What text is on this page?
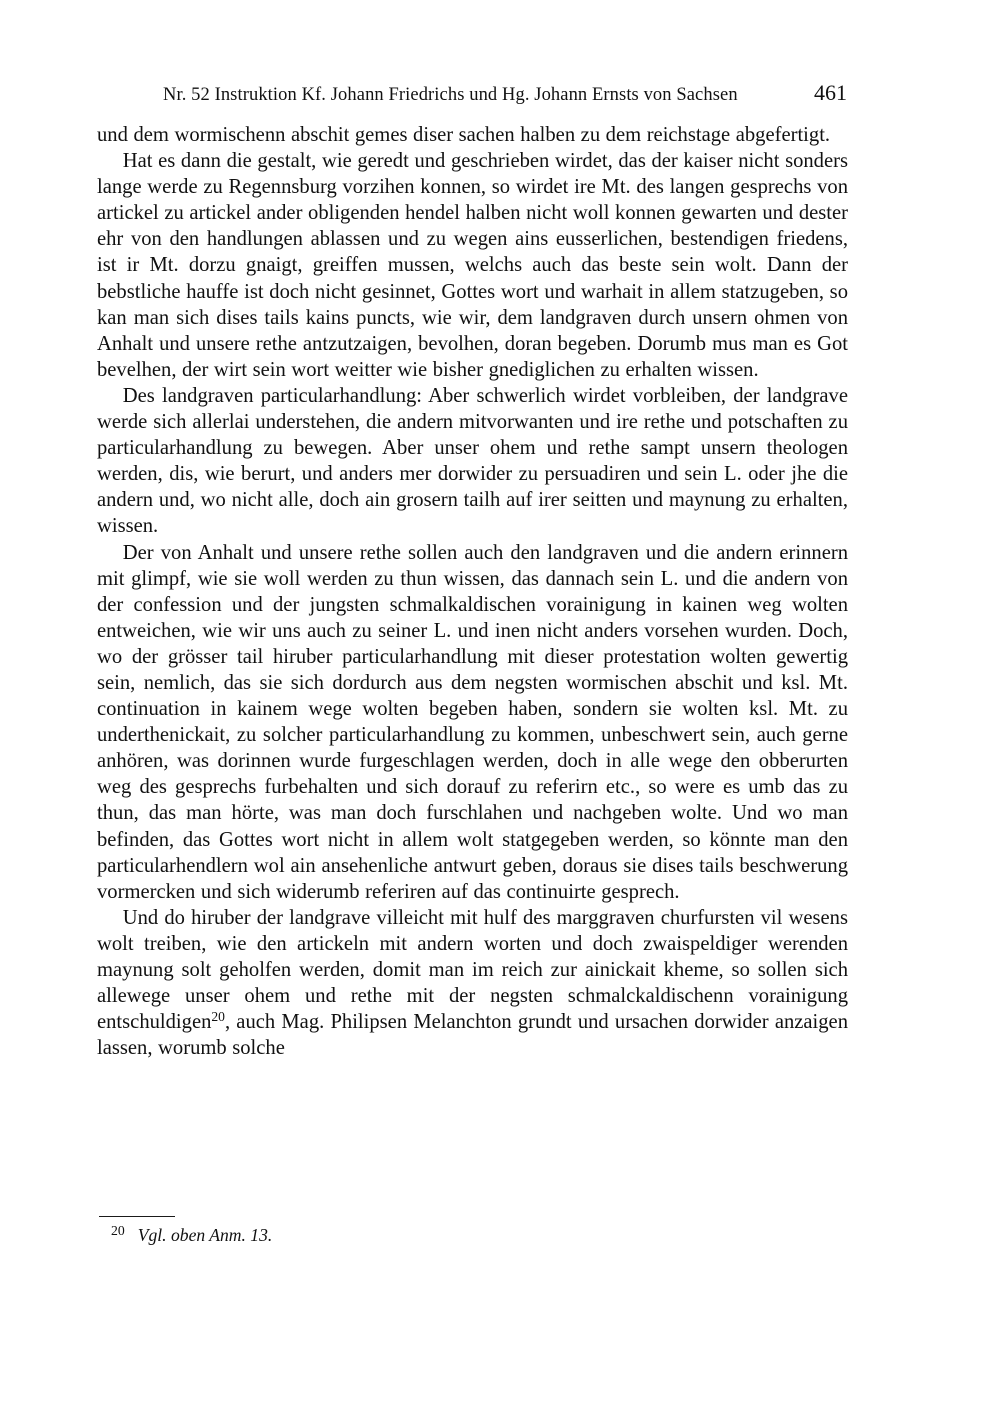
Nr. 52 Instruktion Kf. Johann Friedrichs und Hg. Johann Ernsts von Sachsen	461

und dem wormischenn abschit gemes diser sachen halben zu dem reichstage abgefertigt.

Hat es dann die gestalt, wie geredt und geschrieben wirdet, das der kaiser nicht sonders lange werde zu Regennsburg vorzihen konnen, so wirdet ire Mt. des langen gesprechs von artickel zu artickel ander obligenden hendel halben nicht woll konnen gewarten und dester ehr von den handlungen ablassen und zu wegen ains eusserlichen, bestendigen friedens, ist ir Mt. dorzu gnaigt, greiffen mussen, welchs auch das beste sein wolt. Dann der bebstliche hauffe ist doch nicht gesinnet, Gottes wort und warhait in allem statzugeben, so kan man sich dises tails kains puncts, wie wir, dem landgraven durch unsern ohmen von Anhalt und unsere rethe antzutzaigen, bevolhen, doran begeben. Dorumb mus man es Got bevelhen, der wirt sein wort weitter wie bisher gnediglichen zu erhalten wissen.

Des landgraven particularhandlung: Aber schwerlich wirdet vorbleiben, der landgrave werde sich allerlai understehen, die andern mitvorwanten und ire rethe und potschaften zu particularhandlung zu bewegen. Aber unser ohem und rethe sampt unsern theologen werden, dis, wie berurt, und anders mer dorwider zu persuadiren und sein L. oder jhe die andern und, wo nicht alle, doch ain grosern tailh auf irer seitten und maynung zu erhalten, wissen.

Der von Anhalt und unsere rethe sollen auch den landgraven und die andern erinnern mit glimpf, wie sie woll werden zu thun wissen, das dannach sein L. und die andern von der confession und der jungsten schmalkaldischen vorainigung in kainen weg wolten entweichen, wie wir uns auch zu seiner L. und inen nicht anders vorsehen wurden. Doch, wo der grösser tail hiruber particularhandlung mit dieser protestation wolten gewertig sein, nemlich, das sie sich dordurch aus dem negsten wormischen abschit und ksl. Mt. continuation in kainem wege wolten begeben haben, sondern sie wolten ksl. Mt. zu underthenickait, zu solcher particularhandlung zu kommen, unbeschwert sein, auch gerne anhören, was dorinnen wurde furgeschlagen werden, doch in alle wege den obberurten weg des gesprechs furbehalten und sich dorauf zu referirn etc., so were es umb das zu thun, das man hörte, was man doch furschlahen und nachgeben wolte. Und wo man befinden, das Gottes wort nicht in allem wolt statgegeben werden, so könnte man den particularhendlern wol ain ansehenliche antwurt geben, doraus sie dises tails beschwerung vormercken und sich widerumb referiren auf das continuirte gesprech.

Und do hiruber der landgrave villeicht mit hulf des marggraven churfursten vil wesens wolt treiben, wie den artickeln mit andern worten und doch zwaispeldiger werenden maynung solt geholfen werden, domit man im reich zur ainickait kheme, so sollen sich allewege unser ohem und rethe mit der negsten schmalckaldischenn vorainigung entschuldigen$^{20}$, auch Mag. Philipsen Melanchton grundt und ursachen dorwider anzaigen lassen, worumb solche

$^{20}$ Vgl. oben Anm. 13.
